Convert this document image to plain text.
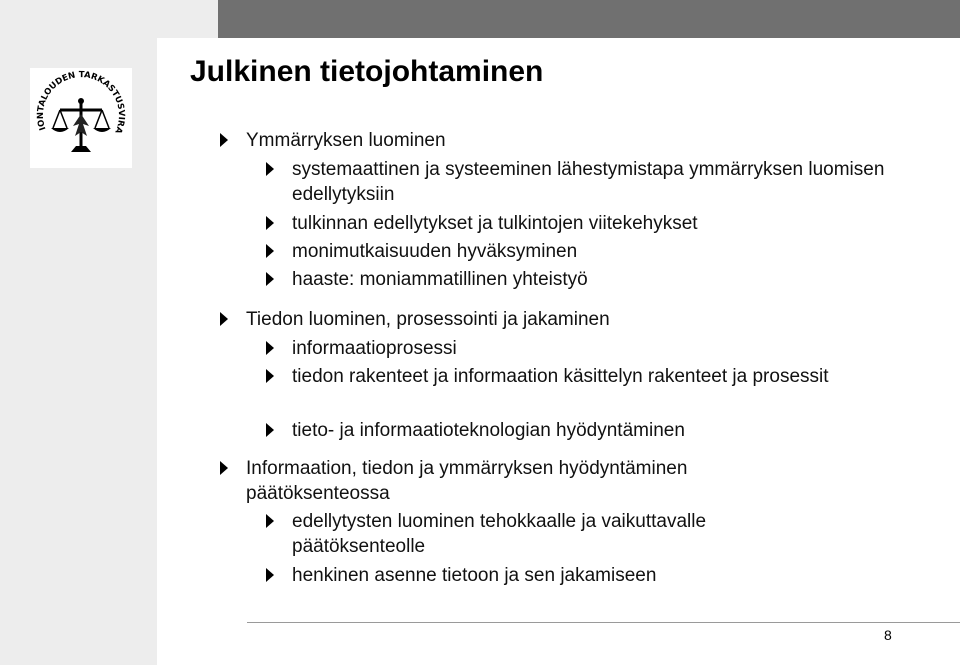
IONTALOUDEN TARKASTUSVIRA
Julkinen tietojohtaminen
Ymmärryksen luominen
systemaattinen ja systeeminen lähestymistapa ymmärryksen luomisen edellytyksiin
tulkinnan edellytykset ja tulkintojen viitekehykset
monimutkaisuuden hyväksyminen
haaste: moniammatillinen yhteistyö
Tiedon luominen, prosessointi ja jakaminen
informaatioprosessi
tiedon rakenteet ja informaation käsittelyn rakenteet ja prosessit
tieto- ja informaatioteknologian hyödyntäminen
Informaation, tiedon ja ymmärryksen hyödyntäminen päätöksenteossa
edellytysten luominen tehokkaalle ja vaikuttavalle päätöksenteolle
henkinen asenne tietoon ja sen jakamiseen
8
